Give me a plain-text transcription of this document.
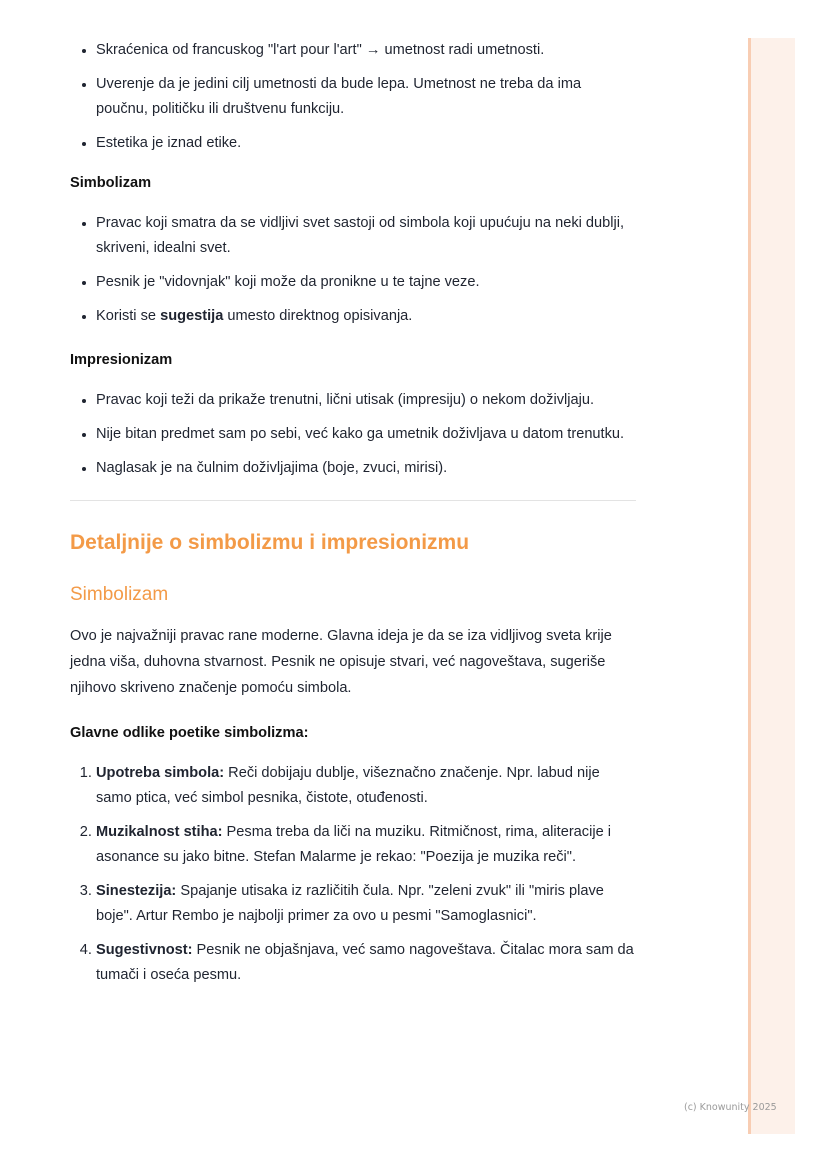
• Skraćenica od francuskog "l'art pour l'art" → umetnost radi umetnosti.
• Uverenje da je jedini cilj umetnosti da bude lepa. Umetnost ne treba da ima poučnu, političku ili društvenu funkciju.
• Estetika je iznad etike.
Simbolizam
• Pravac koji smatra da se vidljivi svet sastoji od simbola koji upućuju na neki dublji, skriveni, idealni svet.
• Pesnik je "vidovnjak" koji može da pronikne u te tajne veze.
• Koristi se sugestija umesto direktnog opisivanja.
Impresionizam
• Pravac koji teži da prikaže trenutni, lični utisak (impresiju) o nekom doživljaju.
• Nije bitan predmet sam po sebi, već kako ga umetnik doživljava u datom trenutku.
• Naglasak je na čulnim doživljajima (boje, zvuci, mirisi).
Detaljnije o simbolizmu i impresionizmu
Simbolizam

Ovo je najvažniji pravac rane moderne. Glavna ideja je da se iza vidljivog sveta krije jedna viša, duhovna stvarnost. Pesnik ne opisuje stvari, već nagoveštava, sugeriše njihovo skriveno značenje pomoću simbola.

Glavne odlike poetike simbolizma:
1. Upotreba simbola: Reči dobijaju dublje, višeznačno značenje. Npr. labud nije samo ptica, već simbol pesnika, čistote, otuđenosti.
2. Muzikalnost stiha: Pesma treba da liči na muziku. Ritmičnost, rima, aliteracije i asonance su jako bitne. Stefan Malarme je rekao: "Poezija je muzika reči".
3. Sinestezija: Spajanje utisaka iz različitih čula. Npr. "zeleni zvuk" ili "miris plave boje". Artur Rembo je najbolji primer za ovo u pesmi "Samoglasnici".
4. Sugestivnost: Pesnik ne objašnjava, već samo nagoveštava. Čitalac mora sam da tumači i oseća pesmu.
(c) Knowunity 2025
